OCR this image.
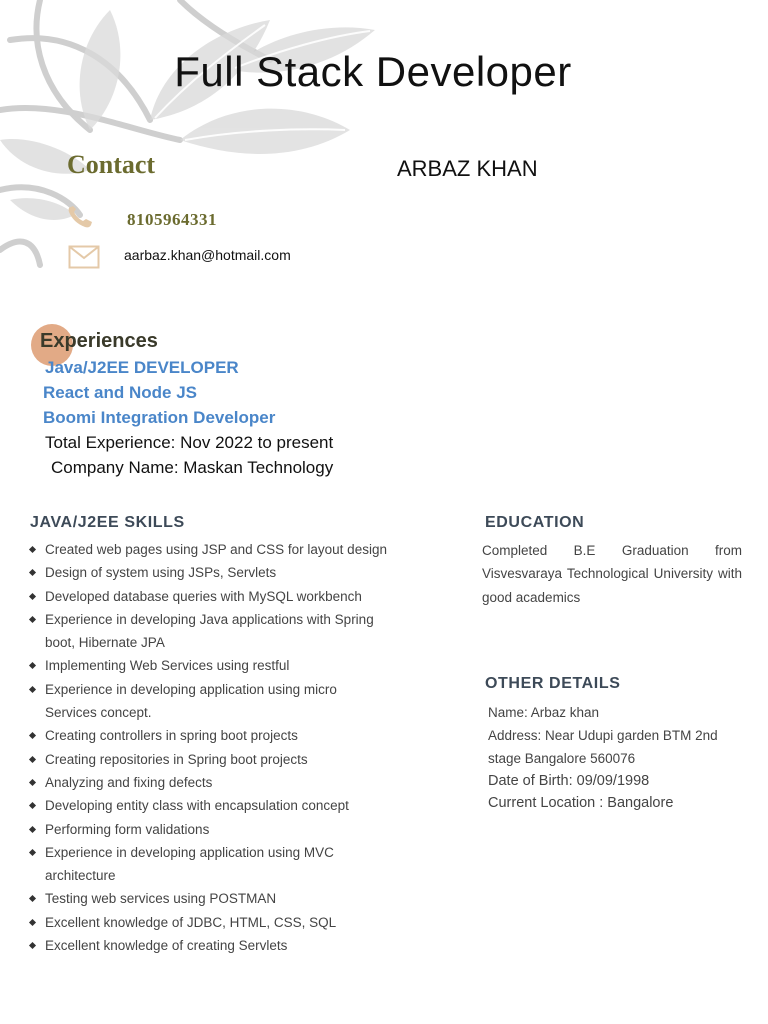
Full Stack Developer
Contact	ARBAZ KHAN
8105964331
aarbaz.khan@hotmail.com
Experiences
Java/J2EE DEVELOPER
React and Node JS
Boomi Integration Developer
Total Experience: Nov 2022 to present
Company Name: Maskan Technology
JAVA/J2EE SKILLS
Created web pages using JSP and CSS for layout design
Design of system using JSPs, Servlets
Developed database queries with MySQL workbench
Experience in developing Java applications with Spring boot, Hibernate JPA
Implementing Web Services using restful
Experience in developing application using micro Services concept.
Creating controllers in spring boot projects
Creating repositories in Spring boot projects
Analyzing and fixing defects
Developing entity class with encapsulation concept
Performing form validations
Experience in developing application using MVC architecture
Testing web services using POSTMAN
Excellent knowledge of JDBC, HTML, CSS, SQL
Excellent knowledge of creating Servlets
EDUCATION
Completed B.E Graduation from Visvesvaraya Technological University with good academics
OTHER DETAILS
Name: Arbaz khan
Address: Near Udupi garden BTM 2nd stage Bangalore 560076
Date of Birth: 09/09/1998
Current Location : Bangalore
